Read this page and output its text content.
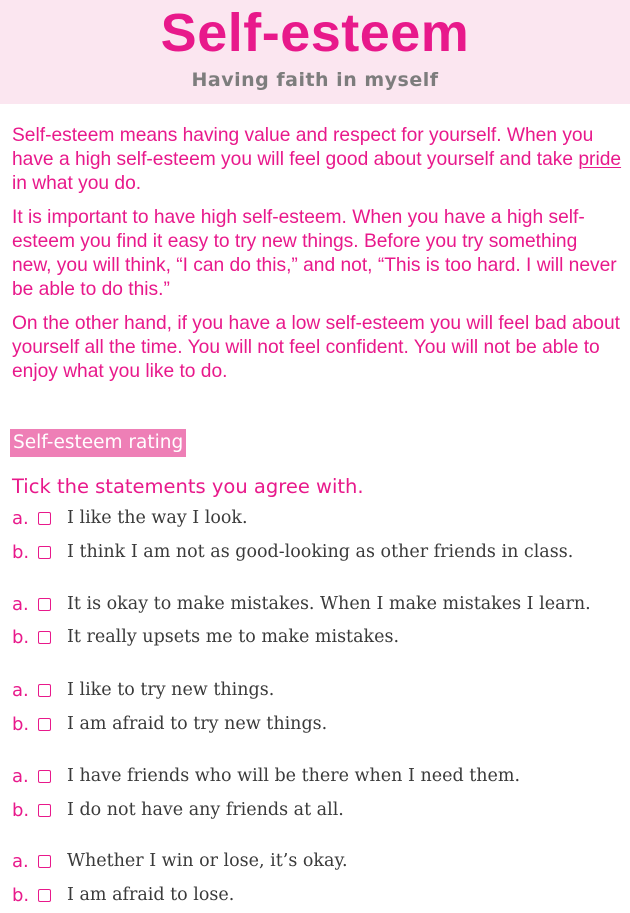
Self-esteem
Having faith in myself

Self-esteem means having value and respect for yourself. When you have a high self-esteem you will feel good about yourself and take pride in what you do.

It is important to have high self-esteem. When you have a high self-esteem you find it easy to try new things. Before you try something new, you will think, “I can do this,” and not, “This is too hard. I will never be able to do this.”

On the other hand, if you have a low self-esteem you will feel bad about yourself all the time. You will not feel confident. You will not be able to enjoy what you like to do.

Self-esteem rating
Tick the statements you agree with.
a.	I like the way I look.
b.	I think I am not as good-looking as other friends in class.
a.	It is okay to make mistakes. When I make mistakes I learn.
b.	It really upsets me to make mistakes.
a.	I like to try new things.
b.	I am afraid to try new things.
a.	I have friends who will be there when I need them.
b.	I do not have any friends at all.
a.	Whether I win or lose, it’s okay.
b.	I am afraid to lose.
